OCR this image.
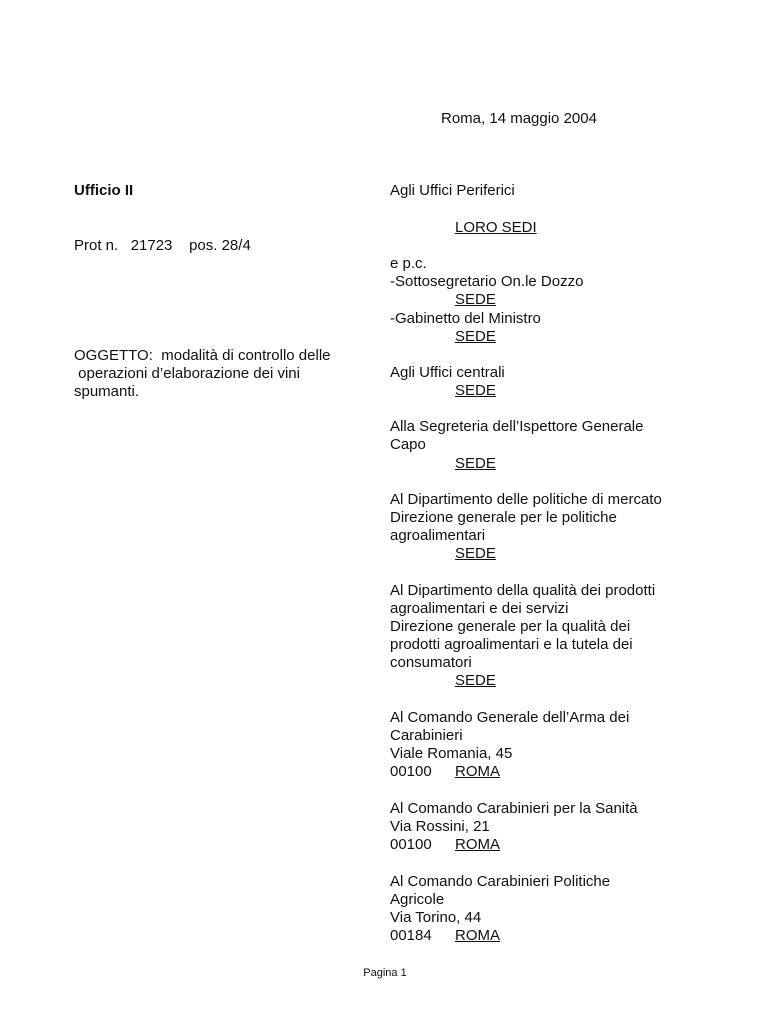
Roma, 14 maggio 2004
Ufficio II
Prot n.   21723    pos. 28/4
OGGETTO:  modalità di controllo delle
operazioni d’elaborazione dei vini
spumanti.
Agli Uffici Periferici
LORO SEDI
e p.c.
-Sottosegretario On.le Dozzo
SEDE
-Gabinetto del Ministro
SEDE
Agli Uffici centrali
SEDE
Alla Segreteria dell’Ispettore Generale
Capo
SEDE
Al Dipartimento delle politiche di mercato
Direzione generale per le politiche
agroalimentari
SEDE
Al Dipartimento della qualità dei prodotti
agroalimentari e dei servizi
Direzione generale per la qualità dei
prodotti agroalimentari e la tutela dei
consumatori
SEDE
Al Comando Generale dell’Arma dei
Carabinieri
Viale Romania, 45
00100 ROMA
Al Comando Carabinieri per la Sanità
Via Rossini, 21
00100 ROMA
Al Comando Carabinieri Politiche
Agricole
Via Torino, 44
00184 ROMA
Pagina 1
